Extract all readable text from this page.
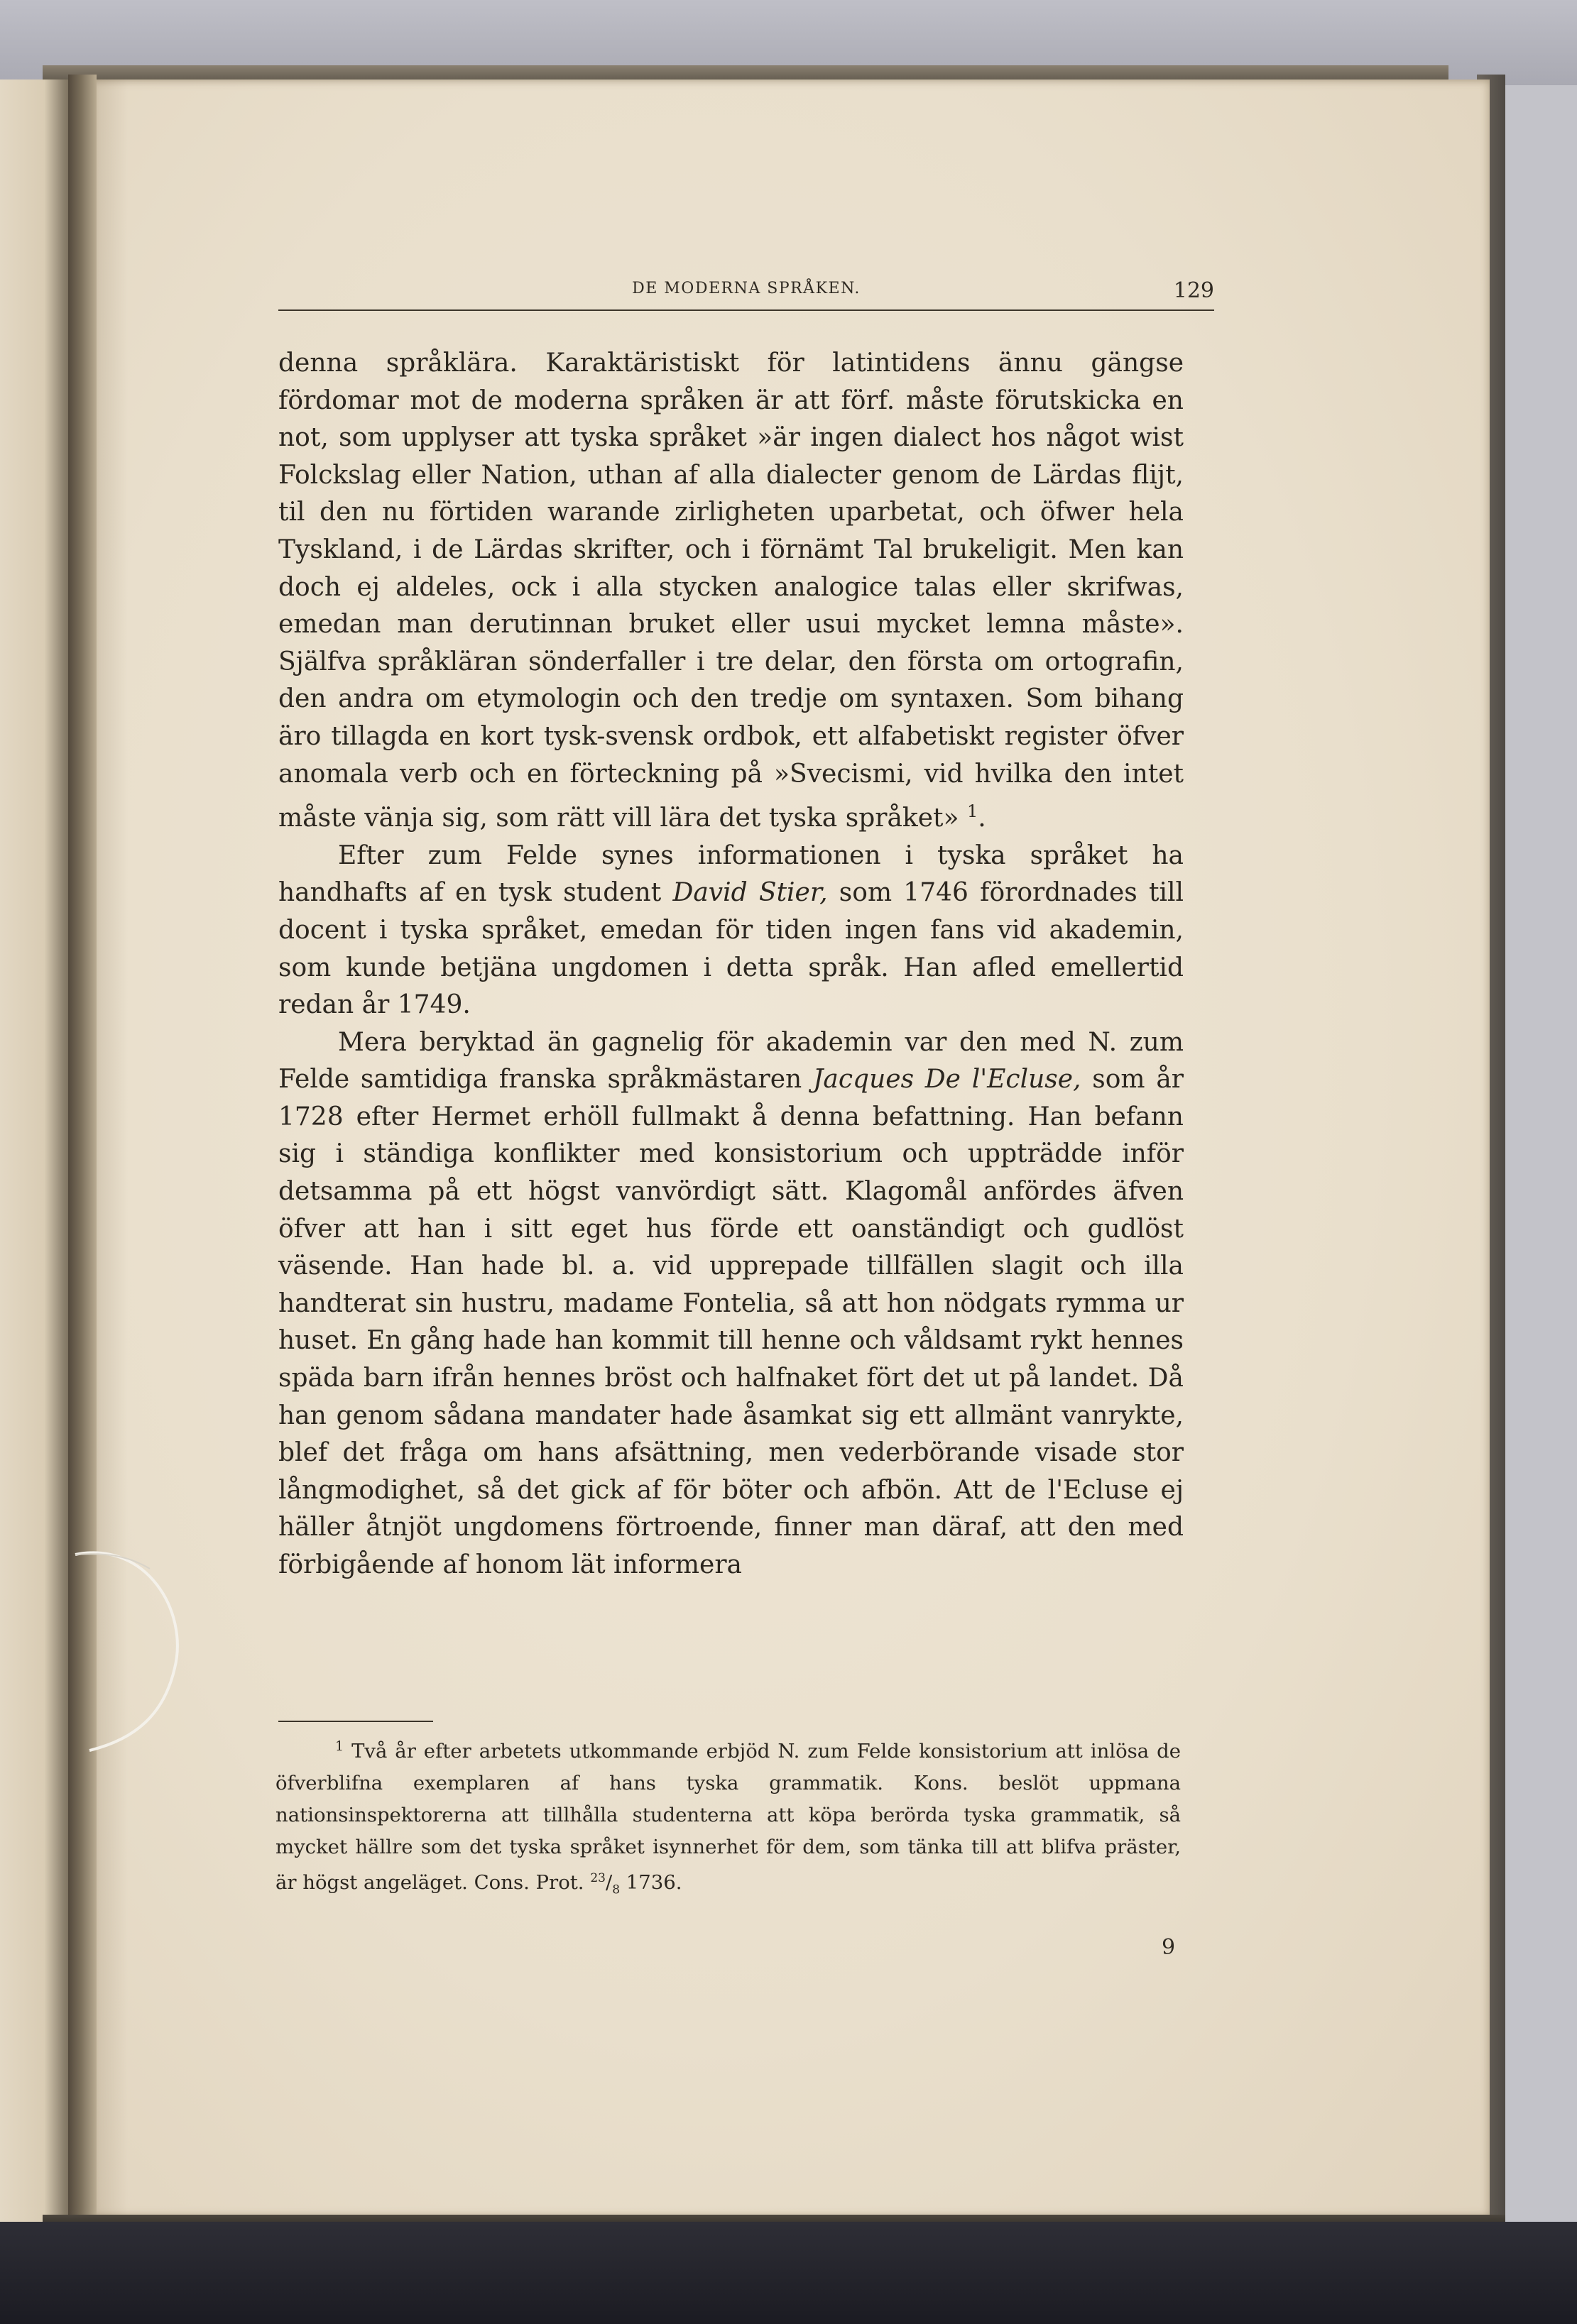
DE MODERNA SPRÅKEN.	129

denna språklära. Karaktäristiskt för latintidens ännu gängse fördomar mot de moderna språken är att förf. måste förutskicka en not, som upplyser att tyska språket »är ingen dialect hos något wist Folckslag eller Nation, uthan af alla dialecter genom de Lärdas flijt, til den nu förtiden warande zirligheten uparbetat, och öfwer hela Tyskland, i de Lärdas skrifter, och i förnämt Tal brukeligit. Men kan doch ej aldeles, ock i alla stycken analogice talas eller skrifwas, emedan man derutinnan bruket eller usui mycket lemna måste». Själfva språkläran sönderfaller i tre delar, den första om ortografin, den andra om etymologin och den tredje om syntaxen. Som bihang äro tillagda en kort tysk-svensk ordbok, ett alfabetiskt register öfver anomala verb och en förteckning på »Svecismi, vid hvilka den intet måste vänja sig, som rätt vill lära det tyska språket» $^1$.

Efter zum Felde synes informationen i tyska språket ha handhafts af en tysk student David Stier, som 1746 förordnades till docent i tyska språket, emedan för tiden ingen fans vid akademin, som kunde betjäna ungdomen i detta språk. Han afled emellertid redan år 1749.

Mera beryktad än gagnelig för akademin var den med N. zum Felde samtidiga franska språkmästaren Jacques De l'Ecluse, som år 1728 efter Hermet erhöll fullmakt å denna befattning. Han befann sig i ständiga konflikter med konsistorium och uppträdde inför detsamma på ett högst vanvördigt sätt. Klagomål anfördes äfven öfver att han i sitt eget hus förde ett oanständigt och gudlöst väsende. Han hade bl. a. vid upprepade tillfällen slagit och illa handterat sin hustru, madame Fontelia, så att hon nödgats rymma ur huset. En gång hade han kommit till henne och våldsamt rykt hennes späda barn ifrån hennes bröst och halfnaket fört det ut på landet. Då han genom sådana mandater hade åsamkat sig ett allmänt vanrykte, blef det fråga om hans afsättning, men vederbörande visade stor långmodighet, så det gick af för böter och afbön. Att de l'Ecluse ej häller åtnjöt ungdomens förtroende, finner man däraf, att den med förbigående af honom lät informera

$^1$ Två år efter arbetets utkommande erbjöd N. zum Felde konsistorium att inlösa de öfverblifna exemplaren af hans tyska grammatik. Kons. beslöt uppmana nationsinspektorerna att tillhålla studenterna att köpa berörda tyska grammatik, så mycket hällre som det tyska språket isynnerhet för dem, som tänka till att blifva präster, är högst angeläget. Cons. Prot. $^{23}/_8$ 1736.

9
